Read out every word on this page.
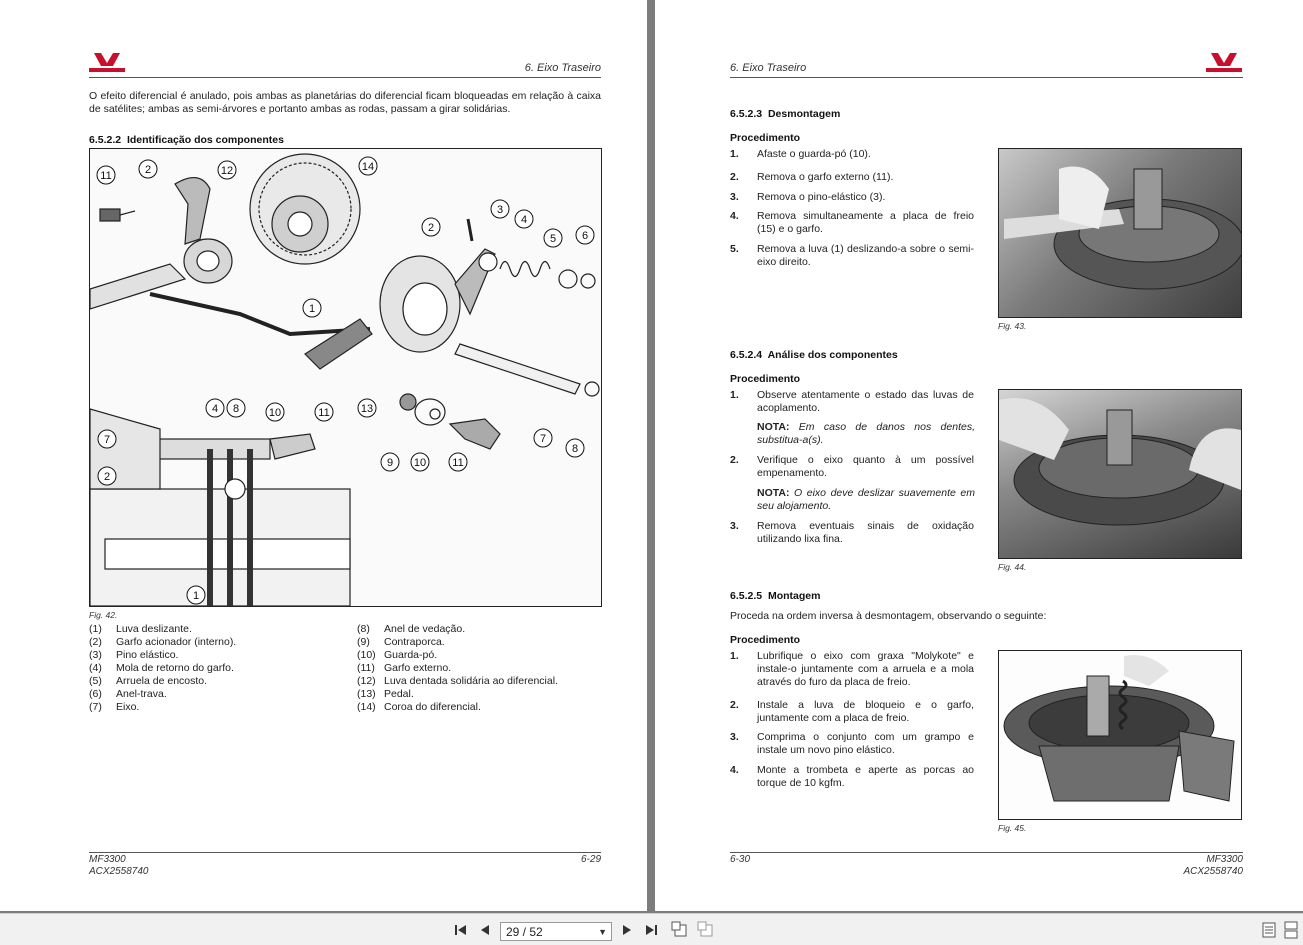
6. Eixo Traseiro
O efeito diferencial é anulado, pois ambas as planetárias do diferencial ficam bloqueadas em relação à caixa de satélites; ambas as semi-árvores e portanto ambas as rodas, passam a girar solidárias.
6.5.2.2 Identificação dos componentes
11	2	12	14
3
2
4
5 6
1
13
7
8
9 10 11
4 8	10	11
7
2
1
Fig. 42.
(1) Luva deslizante.
(2) Garfo acionador (interno).
(3) Pino elástico.
(4) Mola de retorno do garfo.
(5) Arruela de encosto.
(6) Anel-trava.
(7) Eixo.
(8) Anel de vedação.
(9) Contraporca.
(10) Guarda-pó.
(11) Garfo externo.
(12) Luva dentada solidária ao diferencial.
(13) Pedal.
(14) Coroa do diferencial.
MF3300
ACX2558740
6-29
6. Eixo Traseiro
6.5.2.3 Desmontagem
Procedimento
1. Afaste o guarda-pó (10).
2. Remova o garfo externo (11).
3. Remova o pino-elástico (3).
4. Remova simultaneamente a placa de freio (15) e o garfo.
5. Remova a luva (1) deslizando-a sobre o semi-eixo direito.
Fig. 43.
6.5.2.4 Análise dos componentes
Procedimento
1. Observe atentamente o estado das luvas de acoplamento.
NOTA: Em caso de danos nos dentes, substitua-a(s).
2. Verifique o eixo quanto à um possível empenamento.
NOTA: O eixo deve deslizar suavemente em seu alojamento.
3. Remova eventuais sinais de oxidação utilizando lixa fina.
Fig. 44.
6.5.2.5 Montagem
Proceda na ordem inversa à desmontagem, observando o seguinte:
Procedimento
1. Lubrifique o eixo com graxa "Molykote" e instale-o juntamente com a arruela e a mola através do furo da placa de freio.
2. Instale a luva de bloqueio e o garfo, juntamente com a placa de freio.
3. Comprima o conjunto com um grampo e instale um novo pino elástico.
4. Monte a trombeta e aperte as porcas ao torque de 10 kgfm.
Fig. 45.
6-30	MF3300
ACX2558740
29 / 52	▼
